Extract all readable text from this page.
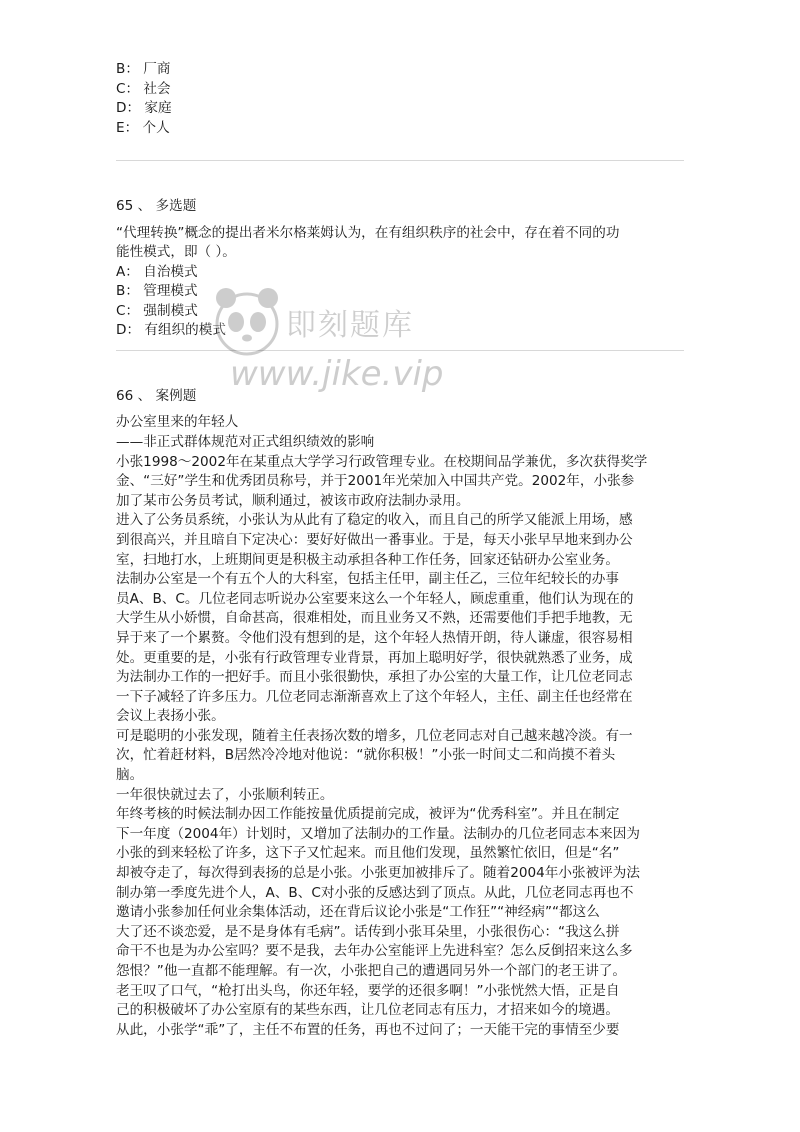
B： 厂商
C： 社会
D： 家庭
E： 个人
65 、 多选题
“代理转换”概念的提出者米尔格莱姆认为，在有组织秩序的社会中，存在着不同的功
能性模式，即（ ）。
A： 自治模式
B： 管理模式
C： 强制模式
D： 有组织的模式
66 、 案例题
办公室里来的年轻人
——非正式群体规范对正式组织绩效的影响
小张1998～2002年在某重点大学学习行政管理专业。在校期间品学兼优，多次获得奖学
金、“三好”学生和优秀团员称号，并于2001年光荣加入中国共产党。2002年，小张参
加了某市公务员考试，顺利通过，被该市政府法制办录用。
进入了公务员系统，小张认为从此有了稳定的收入，而且自己的所学又能派上用场，感
到很高兴，并且暗自下定决心：要好好做出一番事业。于是，每天小张早早地来到办公
室，扫地打水，上班期间更是积极主动承担各种工作任务，回家还钻研办公室业务。
法制办公室是一个有五个人的大科室，包括主任甲，副主任乙，三位年纪较长的办事
员A、B、C。几位老同志听说办公室要来这么一个年轻人，顾虑重重，他们认为现在的
大学生从小娇惯，自命甚高，很难相处，而且业务又不熟，还需要他们手把手地教，无
异于来了一个累赘。令他们没有想到的是，这个年轻人热情开朗，待人谦虚，很容易相
处。更重要的是，小张有行政管理专业背景，再加上聪明好学，很快就熟悉了业务，成
为法制办工作的一把好手。而且小张很勤快，承担了办公室的大量工作，让几位老同志
一下子减轻了许多压力。几位老同志渐渐喜欢上了这个年轻人，主任、副主任也经常在
会议上表扬小张。
可是聪明的小张发现，随着主任表扬次数的增多，几位老同志对自己越来越冷淡。有一
次，忙着赶材料，B居然冷冷地对他说：“就你积极！”小张一时间丈二和尚摸不着头
脑。
一年很快就过去了，小张顺利转正。
年终考核的时候法制办因工作能按量优质提前完成，被评为“优秀科室”。并且在制定
下一年度（2004年）计划时，又增加了法制办的工作量。法制办的几位老同志本来因为
小张的到来轻松了许多，这下子又忙起来。而且他们发现，虽然繁忙依旧，但是“名”
却被夺走了，每次得到表扬的总是小张。小张更加被排斥了。随着2004年小张被评为法
制办第一季度先进个人，A、B、C对小张的反感达到了顶点。从此，几位老同志再也不
邀请小张参加任何业余集体活动，还在背后议论小张是“工作狂”“神经病”“都这么
大了还不谈恋爱，是不是身体有毛病”。话传到小张耳朵里，小张很伤心：“我这么拼
命干不也是为办公室吗？要不是我，去年办公室能评上先进科室？怎么反倒招来这么多
怨恨？”他一直都不能理解。有一次，小张把自己的遭遇同另外一个部门的老王讲了。
老王叹了口气，“枪打出头鸟，你还年轻，要学的还很多啊！”小张恍然大悟，正是自
己的积极破坏了办公室原有的某些东西，让几位老同志有压力，才招来如今的境遇。
从此，小张学“乖”了，主任不布置的任务，再也不过问了；一天能干完的事情至少要
即刻题库
www.jike.vip
